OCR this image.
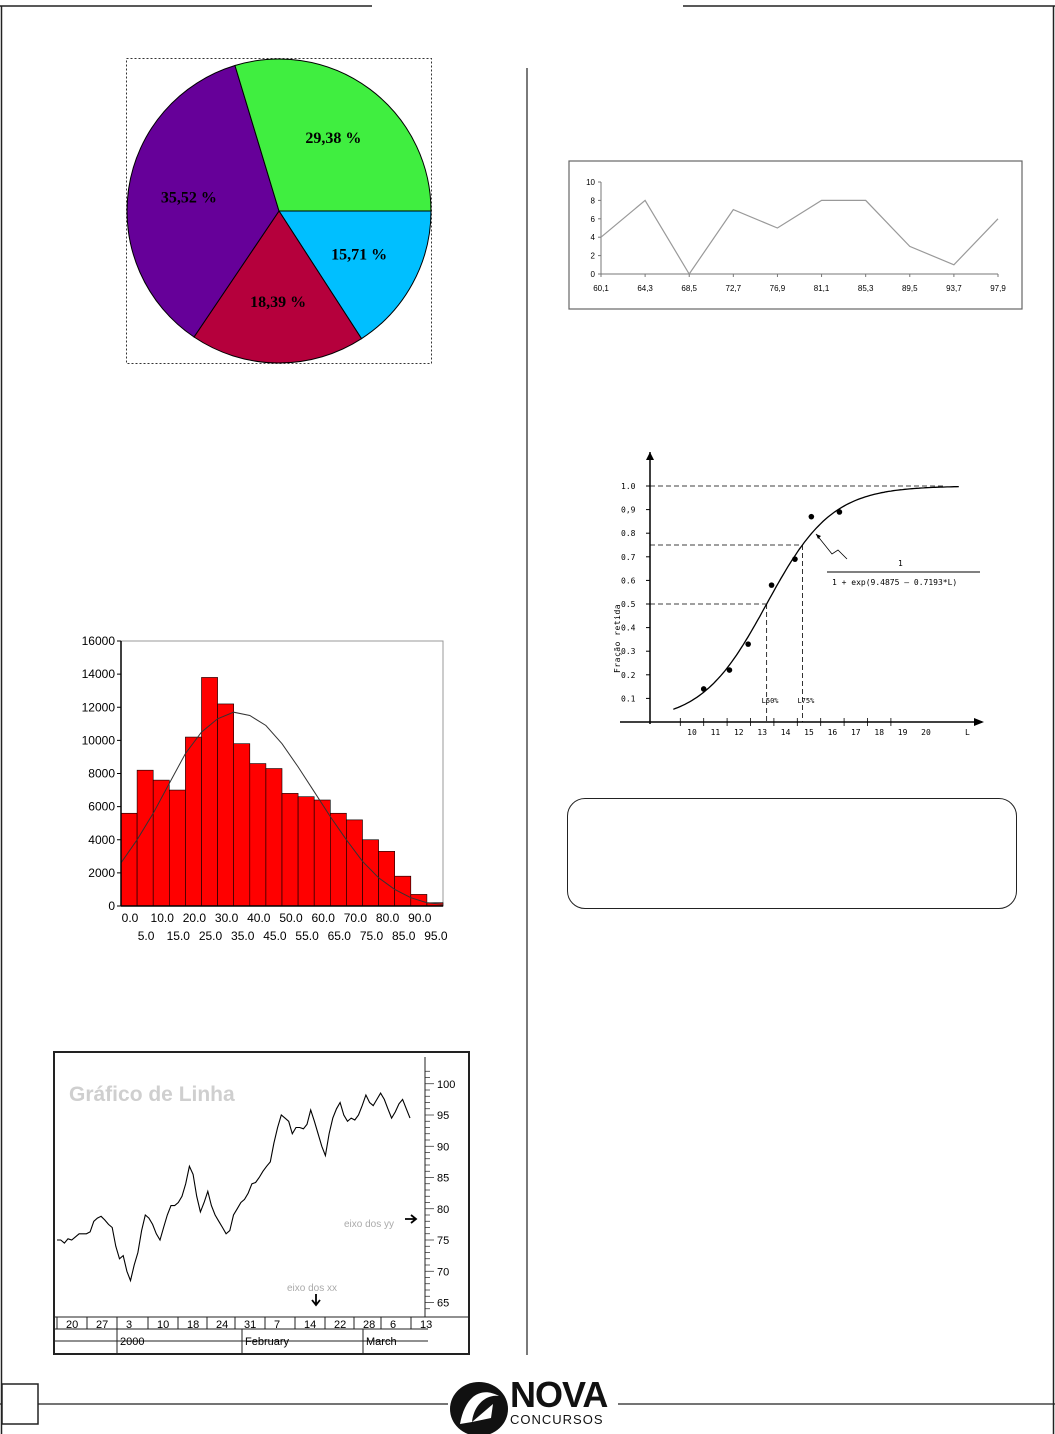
15,71 %
18,39 %
35,52 %
29,38 %
0
2000
4000
6000
8000
10000
12000
14000
16000
0.0 10.0 20.0 30.0 40.0 50.0 60.0 70.0 80.0 90.0
5.0 15.0 25.0 35.0 45.0 55.0 65.0 75.0 85.0 95.0
Gráfico de Linha
65
70
75
80
85
90
95
100
20 27 3 10 18 24 31 7 14 22 28 6 13
2000	February	March
eixo dos yy
eixo dos xx
0
2
4
6
8
10
60,1	64,3	68,5	72,7	76,9	81,1	85,3	89,5	93,7	97,9
0.1
0.2
0.3
0.4
0.5
0.6
0.7
0.8
0,9
1.0
10 11 12 13 14 15 16 17 18 19 20
Fração retida
L
1
1 + exp(9.4875 – 0.7193*L)
L50%	L75%
NOVA
CONCURSOS
